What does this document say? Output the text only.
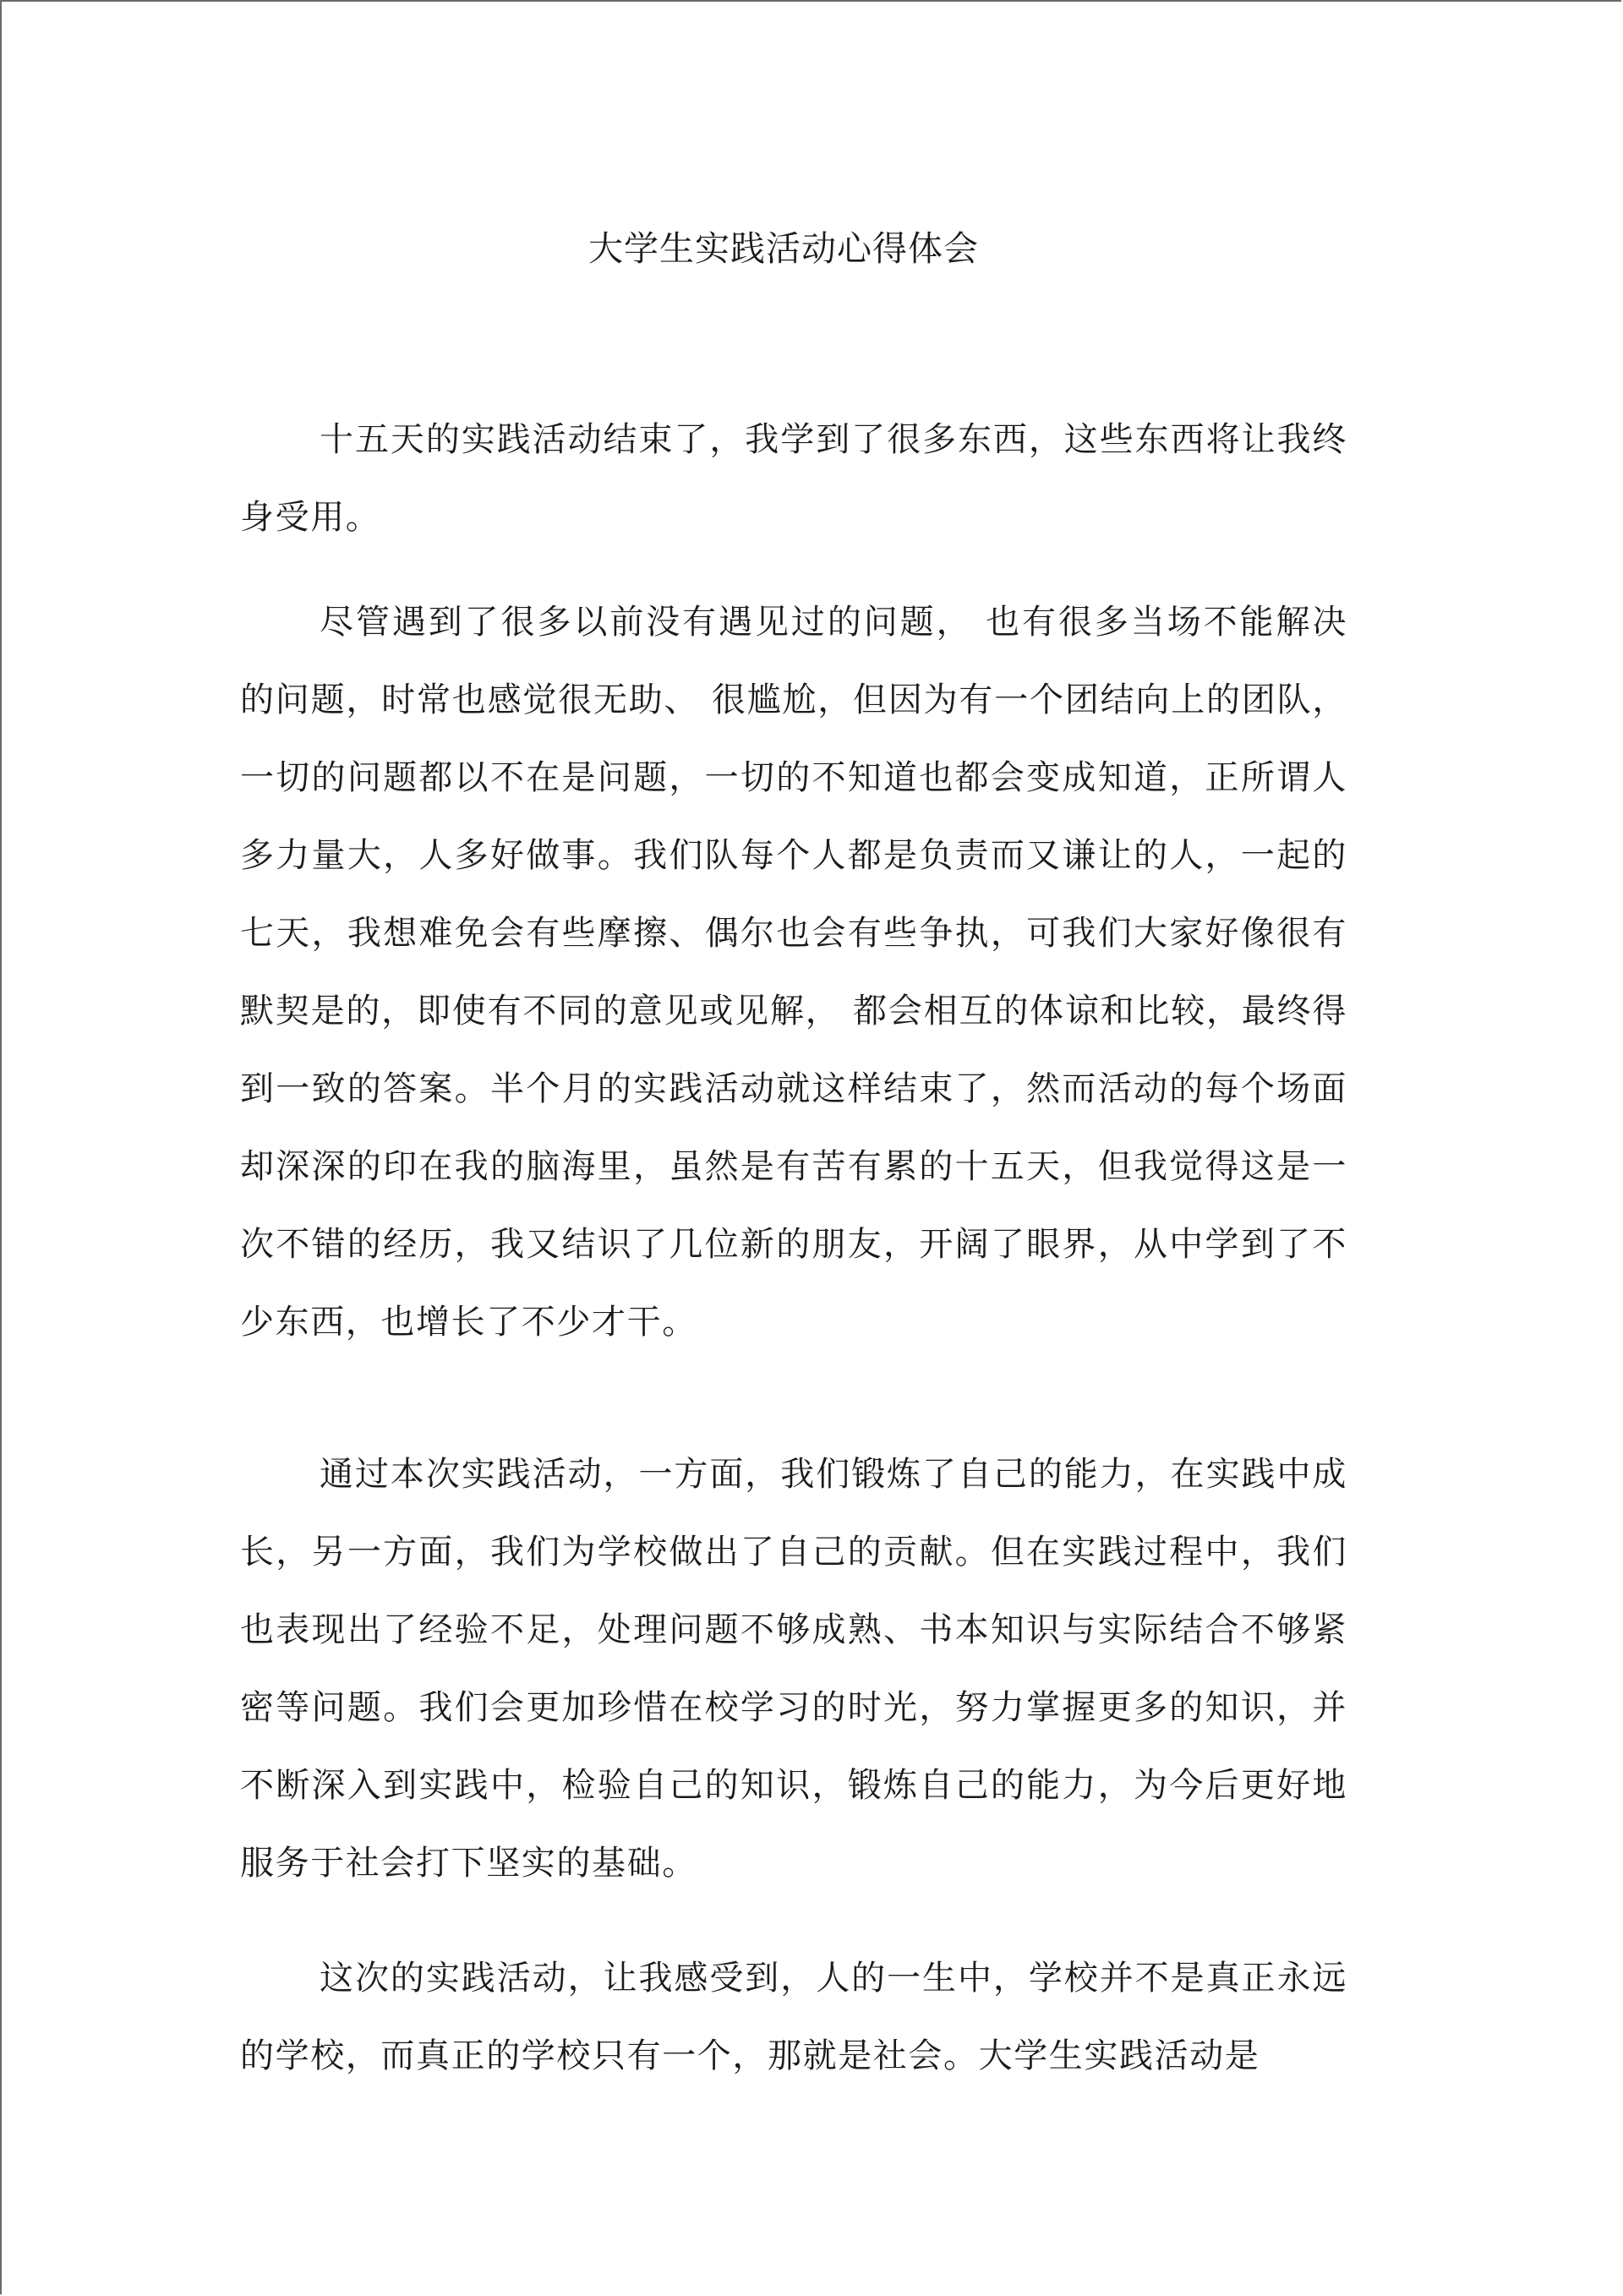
大学生实践活动心得体会

十五天的实践活动结束了，我学到了很多东西，这些东西将让我终身受用。

尽管遇到了很多以前没有遇见过的问题， 也有很多当场不能解决的问题，时常也感觉很无助、 很尴尬，但因为有一个团结向上的团队，一切的问题都以不在是问题，一切的不知道也都会变成知道，正所谓人多力量大，人多好做事。我们队每个人都是负责而又谦让的人，一起的七天，我想难免会有些摩擦、偶尔也会有些争执，可我们大家好像很有默契是的，即使有不同的意见或见解， 都会相互的体谅和比较，最终得到一致的答案。半个月的实践活动就这样结束了，然而活动的每个场面却深深的印在我的脑海里，虽然是有苦有累的十五天，但我觉得这是一次不错的经历，我又结识了几位新的朋友，开阔了眼界，从中学到了不少东西，也增长了不少才干。

通过本次实践活动，一方面，我们锻炼了自己的能力，在实践中成长，另一方面，我们为学校做出了自己的贡献。但在实践过程中，我们也表现出了经验不足，处理问题不够成熟、书本知识与实际结合不够紧密等问题。我们会更加珍惜在校学习的时光，努力掌握更多的知识，并不断深入到实践中，检验自己的知识，锻炼自己的能力，为今后更好地服务于社会打下坚实的基础。

这次的实践活动，让我感受到，人的一生中，学校并不是真正永远的学校，而真正的学校只有一个，那就是社会。大学生实践活动是
